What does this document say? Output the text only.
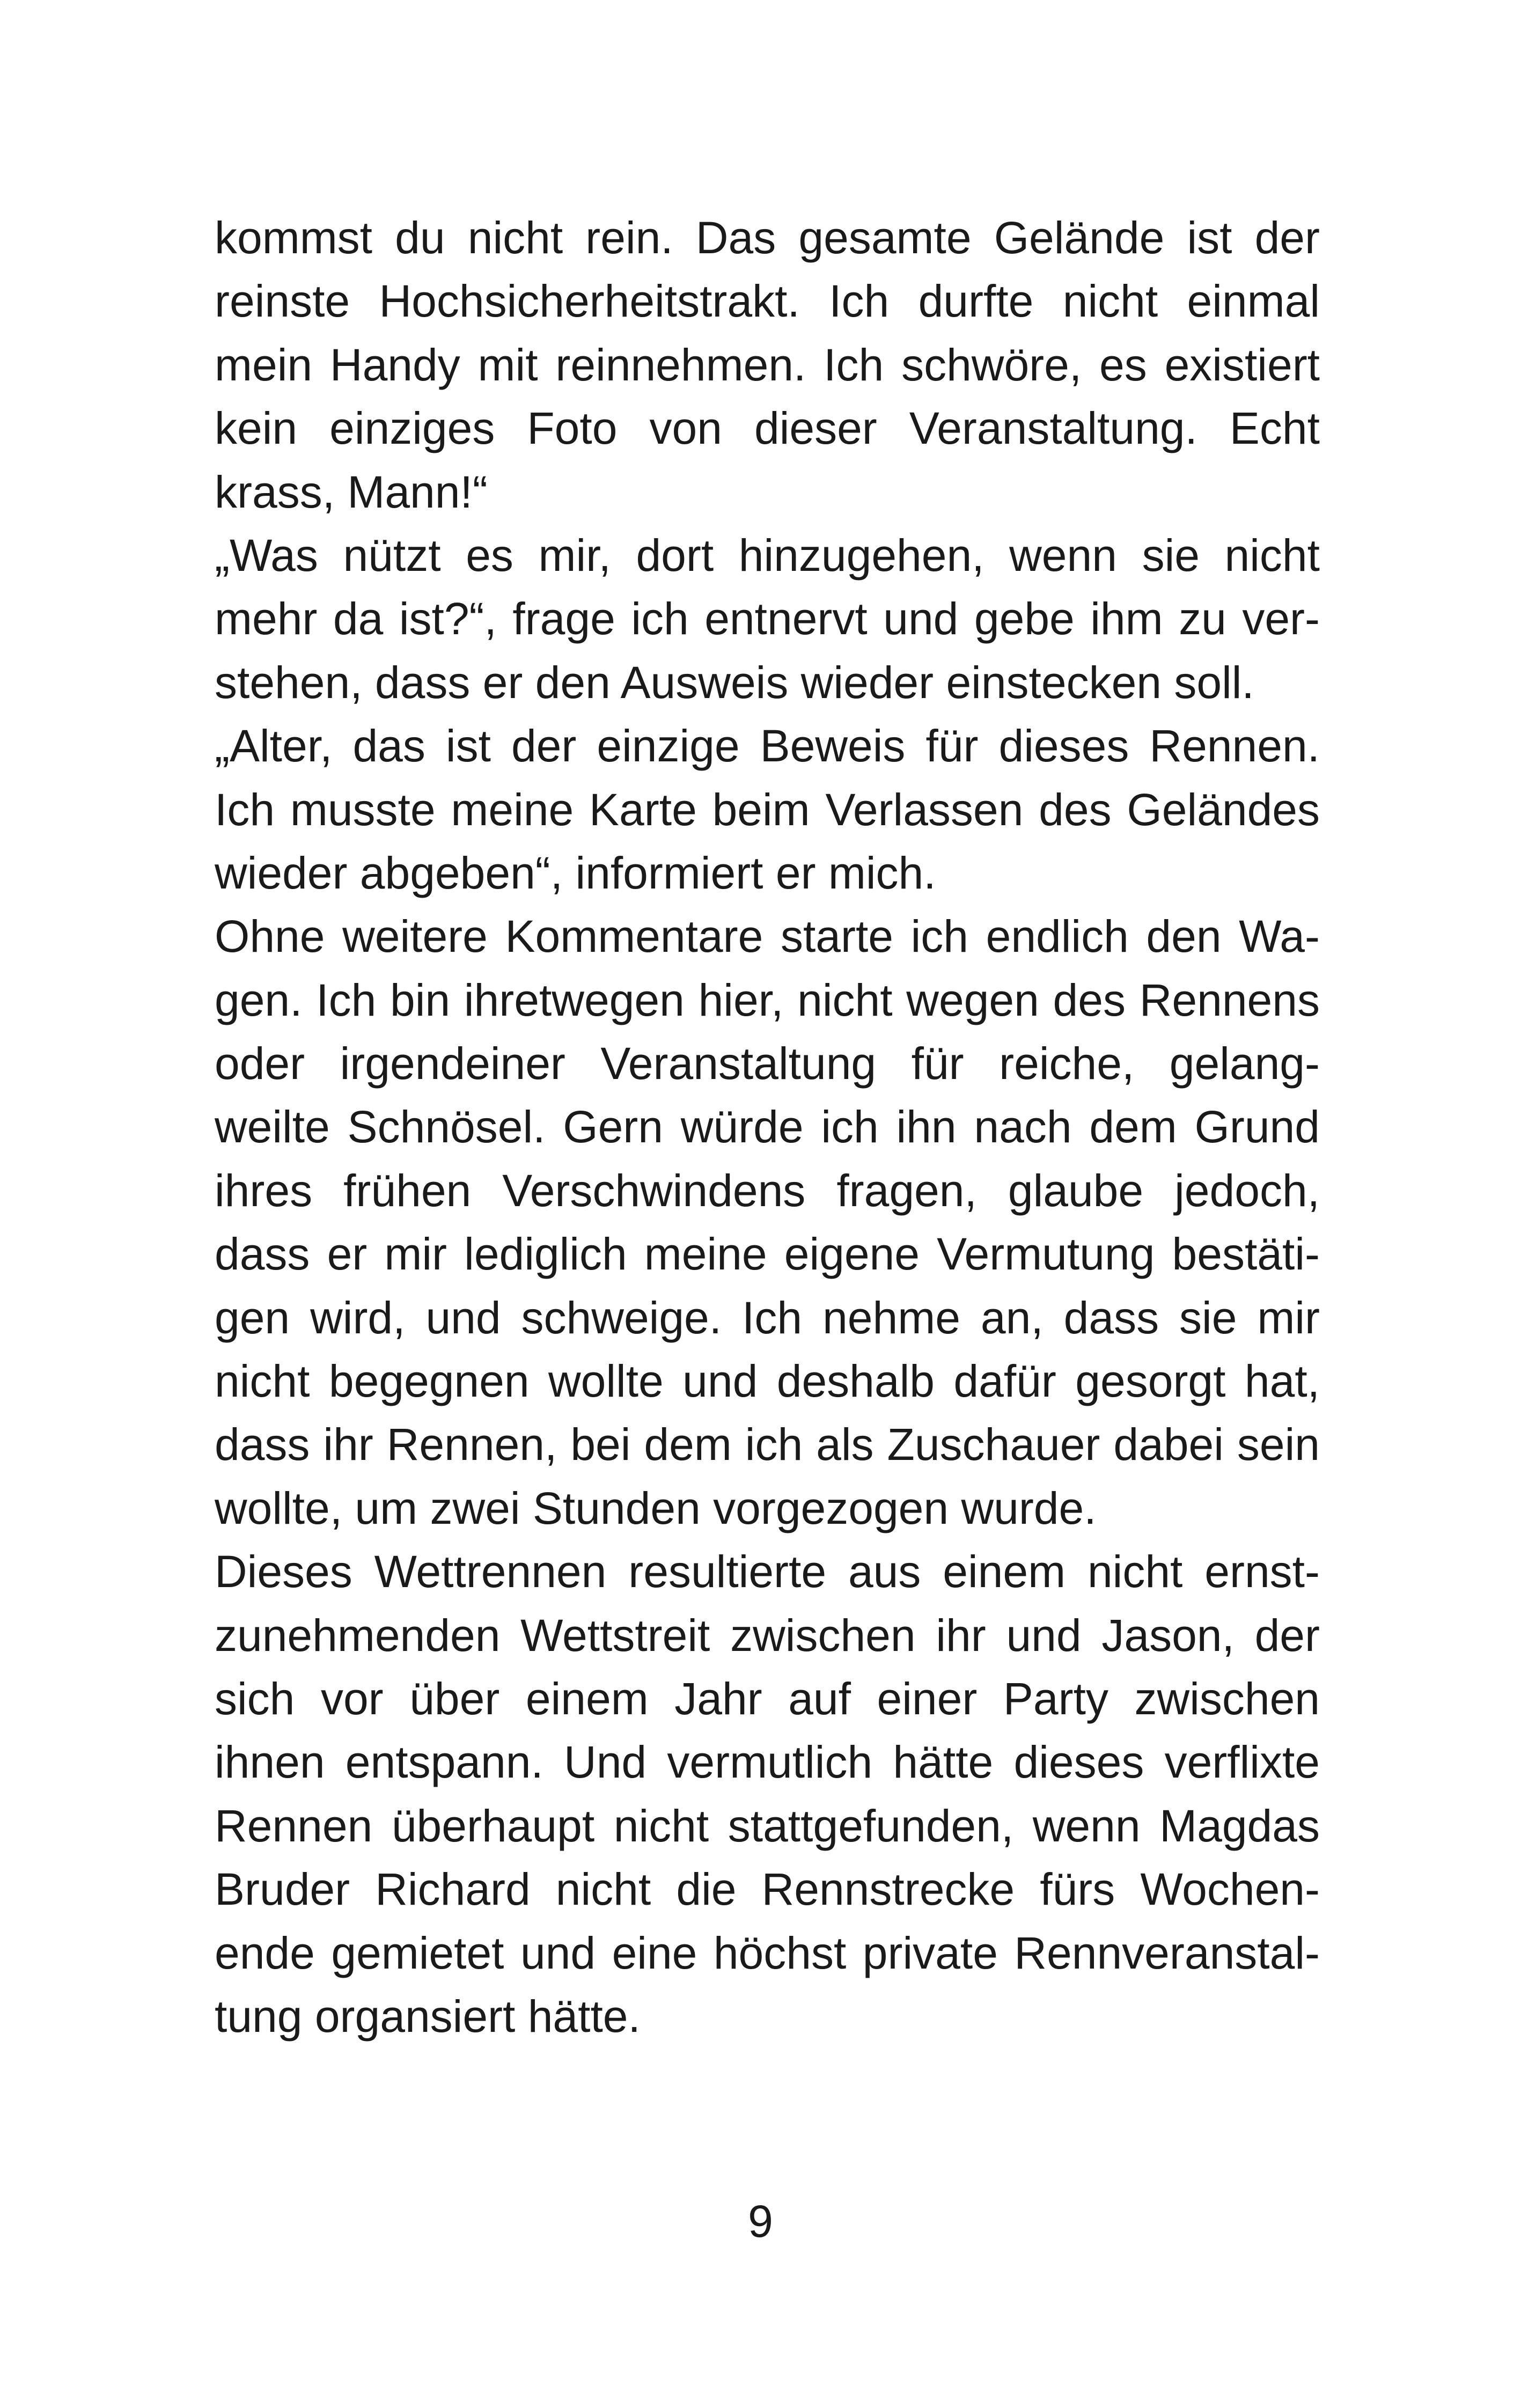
kommst du nicht rein. Das gesamte Gelände ist der
reinste Hochsicherheitstrakt. Ich durfte nicht einmal
mein Handy mit reinnehmen. Ich schwöre, es existiert
kein einziges Foto von dieser Veranstaltung. Echt
krass, Mann!“
„Was nützt es mir, dort hinzugehen, wenn sie nicht
mehr da ist?“, frage ich entnervt und gebe ihm zu ver-
stehen, dass er den Ausweis wieder einstecken soll.
„Alter, das ist der einzige Beweis für dieses Rennen.
Ich musste meine Karte beim Verlassen des Geländes
wieder abgeben“, informiert er mich.
Ohne weitere Kommentare starte ich endlich den Wa-
gen. Ich bin ihretwegen hier, nicht wegen des Rennens
oder irgendeiner Veranstaltung für reiche, gelang-
weilte Schnösel. Gern würde ich ihn nach dem Grund
ihres frühen Verschwindens fragen, glaube jedoch,
dass er mir lediglich meine eigene Vermutung bestäti-
gen wird, und schweige. Ich nehme an, dass sie mir
nicht begegnen wollte und deshalb dafür gesorgt hat,
dass ihr Rennen, bei dem ich als Zuschauer dabei sein
wollte, um zwei Stunden vorgezogen wurde.
Dieses Wettrennen resultierte aus einem nicht ernst-
zunehmenden Wettstreit zwischen ihr und Jason, der
sich vor über einem Jahr auf einer Party zwischen
ihnen entspann. Und vermutlich hätte dieses verflixte
Rennen überhaupt nicht stattgefunden, wenn Magdas
Bruder Richard nicht die Rennstrecke fürs Wochen-
ende gemietet und eine höchst private Rennveranstal-
tung organsiert hätte.
9
